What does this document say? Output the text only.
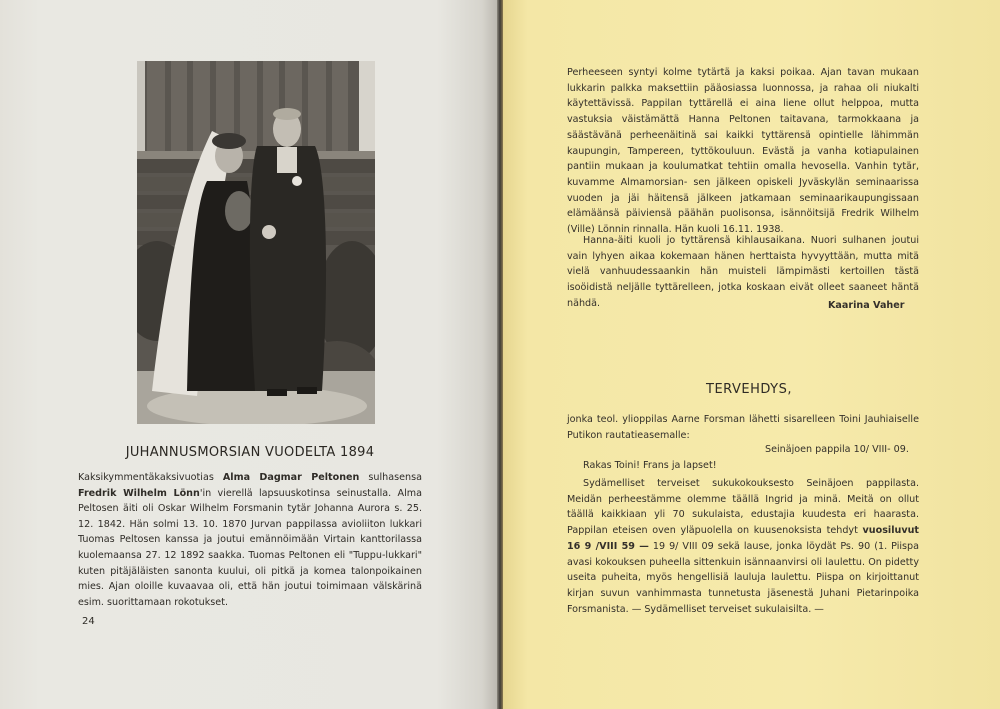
JUHANNUSMORSIAN VUODELTA 1894
Kaksikymmentäkaksivuotias Alma Dagmar Peltonen sulhasensa Fredrik Wilhelm Lönn'in vierellä lapsuuskotinsa seinustalla. Alma Peltosen äiti oli Oskar Wilhelm Forsmanin tytär Johanna Aurora s. 25. 12. 1842. Hän solmi 13. 10. 1870 Jurvan pappilassa avioliiton lukkari Tuomas Peltosen kanssa ja joutui emännöimään Virtain kanttorilassa kuolemaansa 27. 12 1892 saakka. Tuomas Peltonen eli "Tuppu-lukkari" kuten pitäjäläisten sanonta kuului, oli pitkä ja komea talonpoikainen mies. Ajan oloille kuvaavaa oli, että hän joutui toimimaan välskärinä esim. suorittamaan rokotukset.
24
Perheeseen syntyi kolme tytärtä ja kaksi poikaa. Ajan tavan mukaan lukkarin palkka maksettiin pääosiassa luonnossa, ja rahaa oli niukalti käytettävissä. Pappilan tyttärellä ei aina liene ollut helppoa, mutta vastuksia väistämättä Hanna Peltonen taitavana, tarmokkaana ja säästävänä perheenäitinä sai kaikki tyttärensä opintielle lähimmän kaupungin, Tampereen, tyttökouluun. Evästä ja vanha kotiapulainen pantiin mukaan ja koulumatkat tehtiin omalla hevosella. Vanhin tytär, kuvamme Almamorsian- sen jälkeen opiskeli Jyväskylän seminaarissa vuoden ja jäi häitensä jälkeen jatkamaan seminaarikaupungissaan elämäänsä päiviensä päähän puolisonsa, isännöitsijä Fredrik Wilhelm (Ville) Lönnin rinnalla. Hän kuoli 16.11. 1938.
Hanna-äiti kuoli jo tyttärensä kihlausaikana. Nuori sulhanen joutui vain lyhyen aikaa kokemaan hänen herttaista hyvyyttään, mutta mitä vielä vanhuudessaankin hän muisteli lämpimästi kertoillen tästä isoöidistä neljälle tyttärelleen, jotka koskaan eivät olleet saaneet häntä nähdä.	Kaarina Vaher
TERVEHDYS,
jonka teol. ylioppilas Aarne Forsman lähetti sisarelleen Toini Jauhiaiselle Putikon rautatieasemalle:
Seinäjoen pappila 10/ VIII- 09.
Rakas Toini! Frans ja lapset!
Sydämelliset terveiset sukukokouksesto Seinäjoen pappilasta. Meidän perheestämme olemme täällä Ingrid ja minä. Meitä on ollut täällä kaikkiaan yli 70 sukulaista, edustajia kuudesta eri haarasta. Pappilan eteisen oven yläpuolella on kuusenoksista tehdyt vuosiluvut 16 9 /VIII 59 — 19 9/ VIII 09 sekä lause, jonka löydät Ps. 90 (1. Piispa avasi kokouksen puheella sittenkuin isännaanvirsi oli laulettu. On pidetty useita puheita, myös hengellisiä lauluja laulettu. Piispa on kirjoittanut kirjan suvun vanhimmasta tunnetusta jäsenestä Juhani Pietarinpoika Forsmanista. — Sydämelliset terveiset sukulaisilta. —
